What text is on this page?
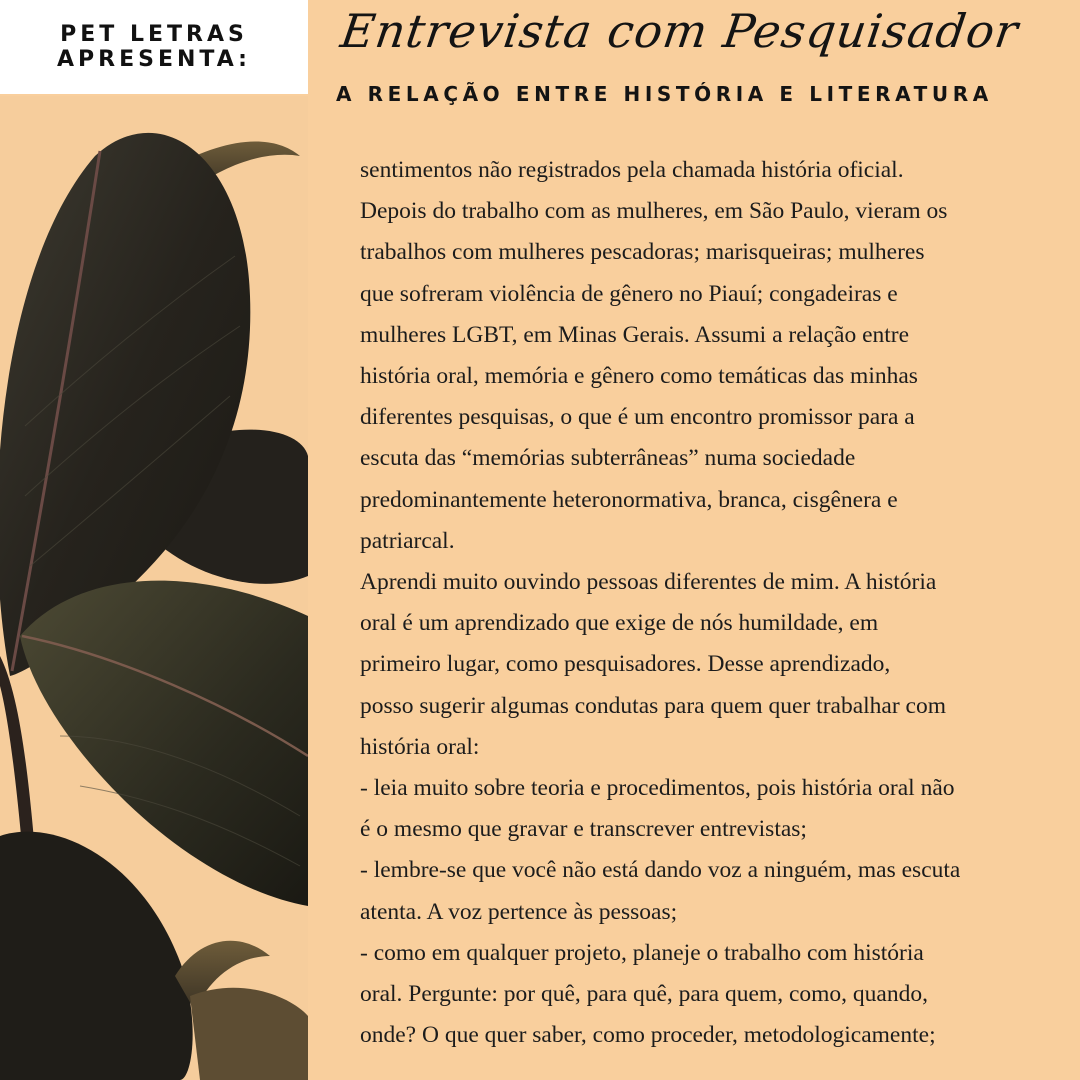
PET LETRAS
APRESENTA:
Entrevista com Pesquisador
A RELAÇÃO ENTRE HISTÓRIA E LITERATURA

sentimentos não registrados pela chamada história oficial.

Depois do trabalho com as mulheres, em São Paulo, vieram os

trabalhos com mulheres pescadoras; marisqueiras; mulheres

que sofreram violência de gênero no Piauí; congadeiras e

mulheres LGBT, em Minas Gerais. Assumi a relação entre

história oral, memória e gênero como temáticas das minhas

diferentes pesquisas, o que é um encontro promissor para a

escuta das “memórias subterrâneas” numa sociedade

predominantemente heteronormativa, branca, cisgênera e

patriarcal.

Aprendi muito ouvindo pessoas diferentes de mim. A história

oral é um aprendizado que exige de nós humildade, em

primeiro lugar, como pesquisadores. Desse aprendizado,

posso sugerir algumas condutas para quem quer trabalhar com

história oral:

- leia muito sobre teoria e procedimentos, pois história oral não

é o mesmo que gravar e transcrever entrevistas;

- lembre-se que você não está dando voz a ninguém, mas escuta

atenta. A voz pertence às pessoas;

- como em qualquer projeto, planeje o trabalho com história

oral. Pergunte: por quê, para quê, para quem, como, quando,

onde? O que quer saber, como proceder, metodologicamente;
